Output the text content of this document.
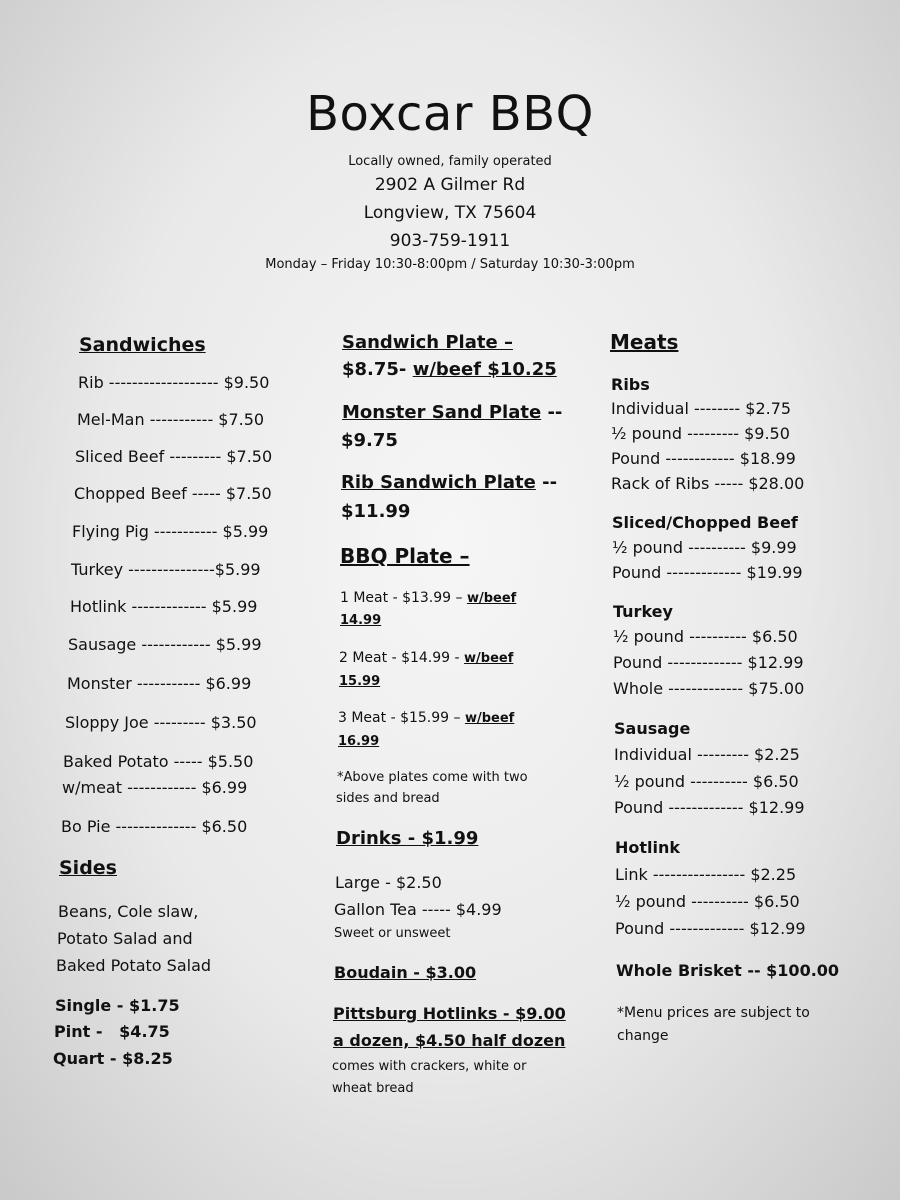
Boxcar BBQ
Locally owned, family operated
2902 A Gilmer Rd
Longview, TX 75604
903-759-1911
Monday – Friday 10:30-8:00pm / Saturday 10:30-3:00pm
Sandwiches
Rib ------------------- $9.50
Mel-Man ----------- $7.50
Sliced Beef --------- $7.50
Chopped Beef ----- $7.50
Flying Pig ----------- $5.99
Turkey ---------------$5.99
Hotlink ------------- $5.99
Sausage ------------ $5.99
Monster ----------- $6.99
Sloppy Joe --------- $3.50
Baked Potato ----- $5.50
w/meat ------------ $6.99
Bo Pie -------------- $6.50
Sides
Beans, Cole slaw,
Potato Salad and
Baked Potato Salad
Single - $1.75
Pint -   $4.75
Quart - $8.25
Sandwich Plate –
$8.75- w/beef $10.25
Monster Sand Plate --
$9.75
Rib Sandwich Plate --
$11.99
BBQ Plate –
1 Meat - $13.99 – w/beef
14.99
2 Meat - $14.99 - w/beef
15.99
3 Meat - $15.99 – w/beef
16.99
*Above plates come with two
sides and bread
Drinks - $1.99
Large - $2.50
Gallon Tea ----- $4.99
Sweet or unsweet
Boudain - $3.00
Pittsburg Hotlinks - $9.00
a dozen, $4.50 half dozen
comes with crackers, white or
wheat bread
Meats
Ribs
Individual -------- $2.75
½ pound --------- $9.50
Pound ------------ $18.99
Rack of Ribs ----- $28.00
Sliced/Chopped Beef
½ pound ---------- $9.99
Pound ------------- $19.99
Turkey
½ pound ---------- $6.50
Pound ------------- $12.99
Whole ------------- $75.00
Sausage
Individual --------- $2.25
½ pound ---------- $6.50
Pound ------------- $12.99
Hotlink
Link ---------------- $2.25
½ pound ---------- $6.50
Pound ------------- $12.99
Whole Brisket -- $100.00
*Menu prices are subject to
change
